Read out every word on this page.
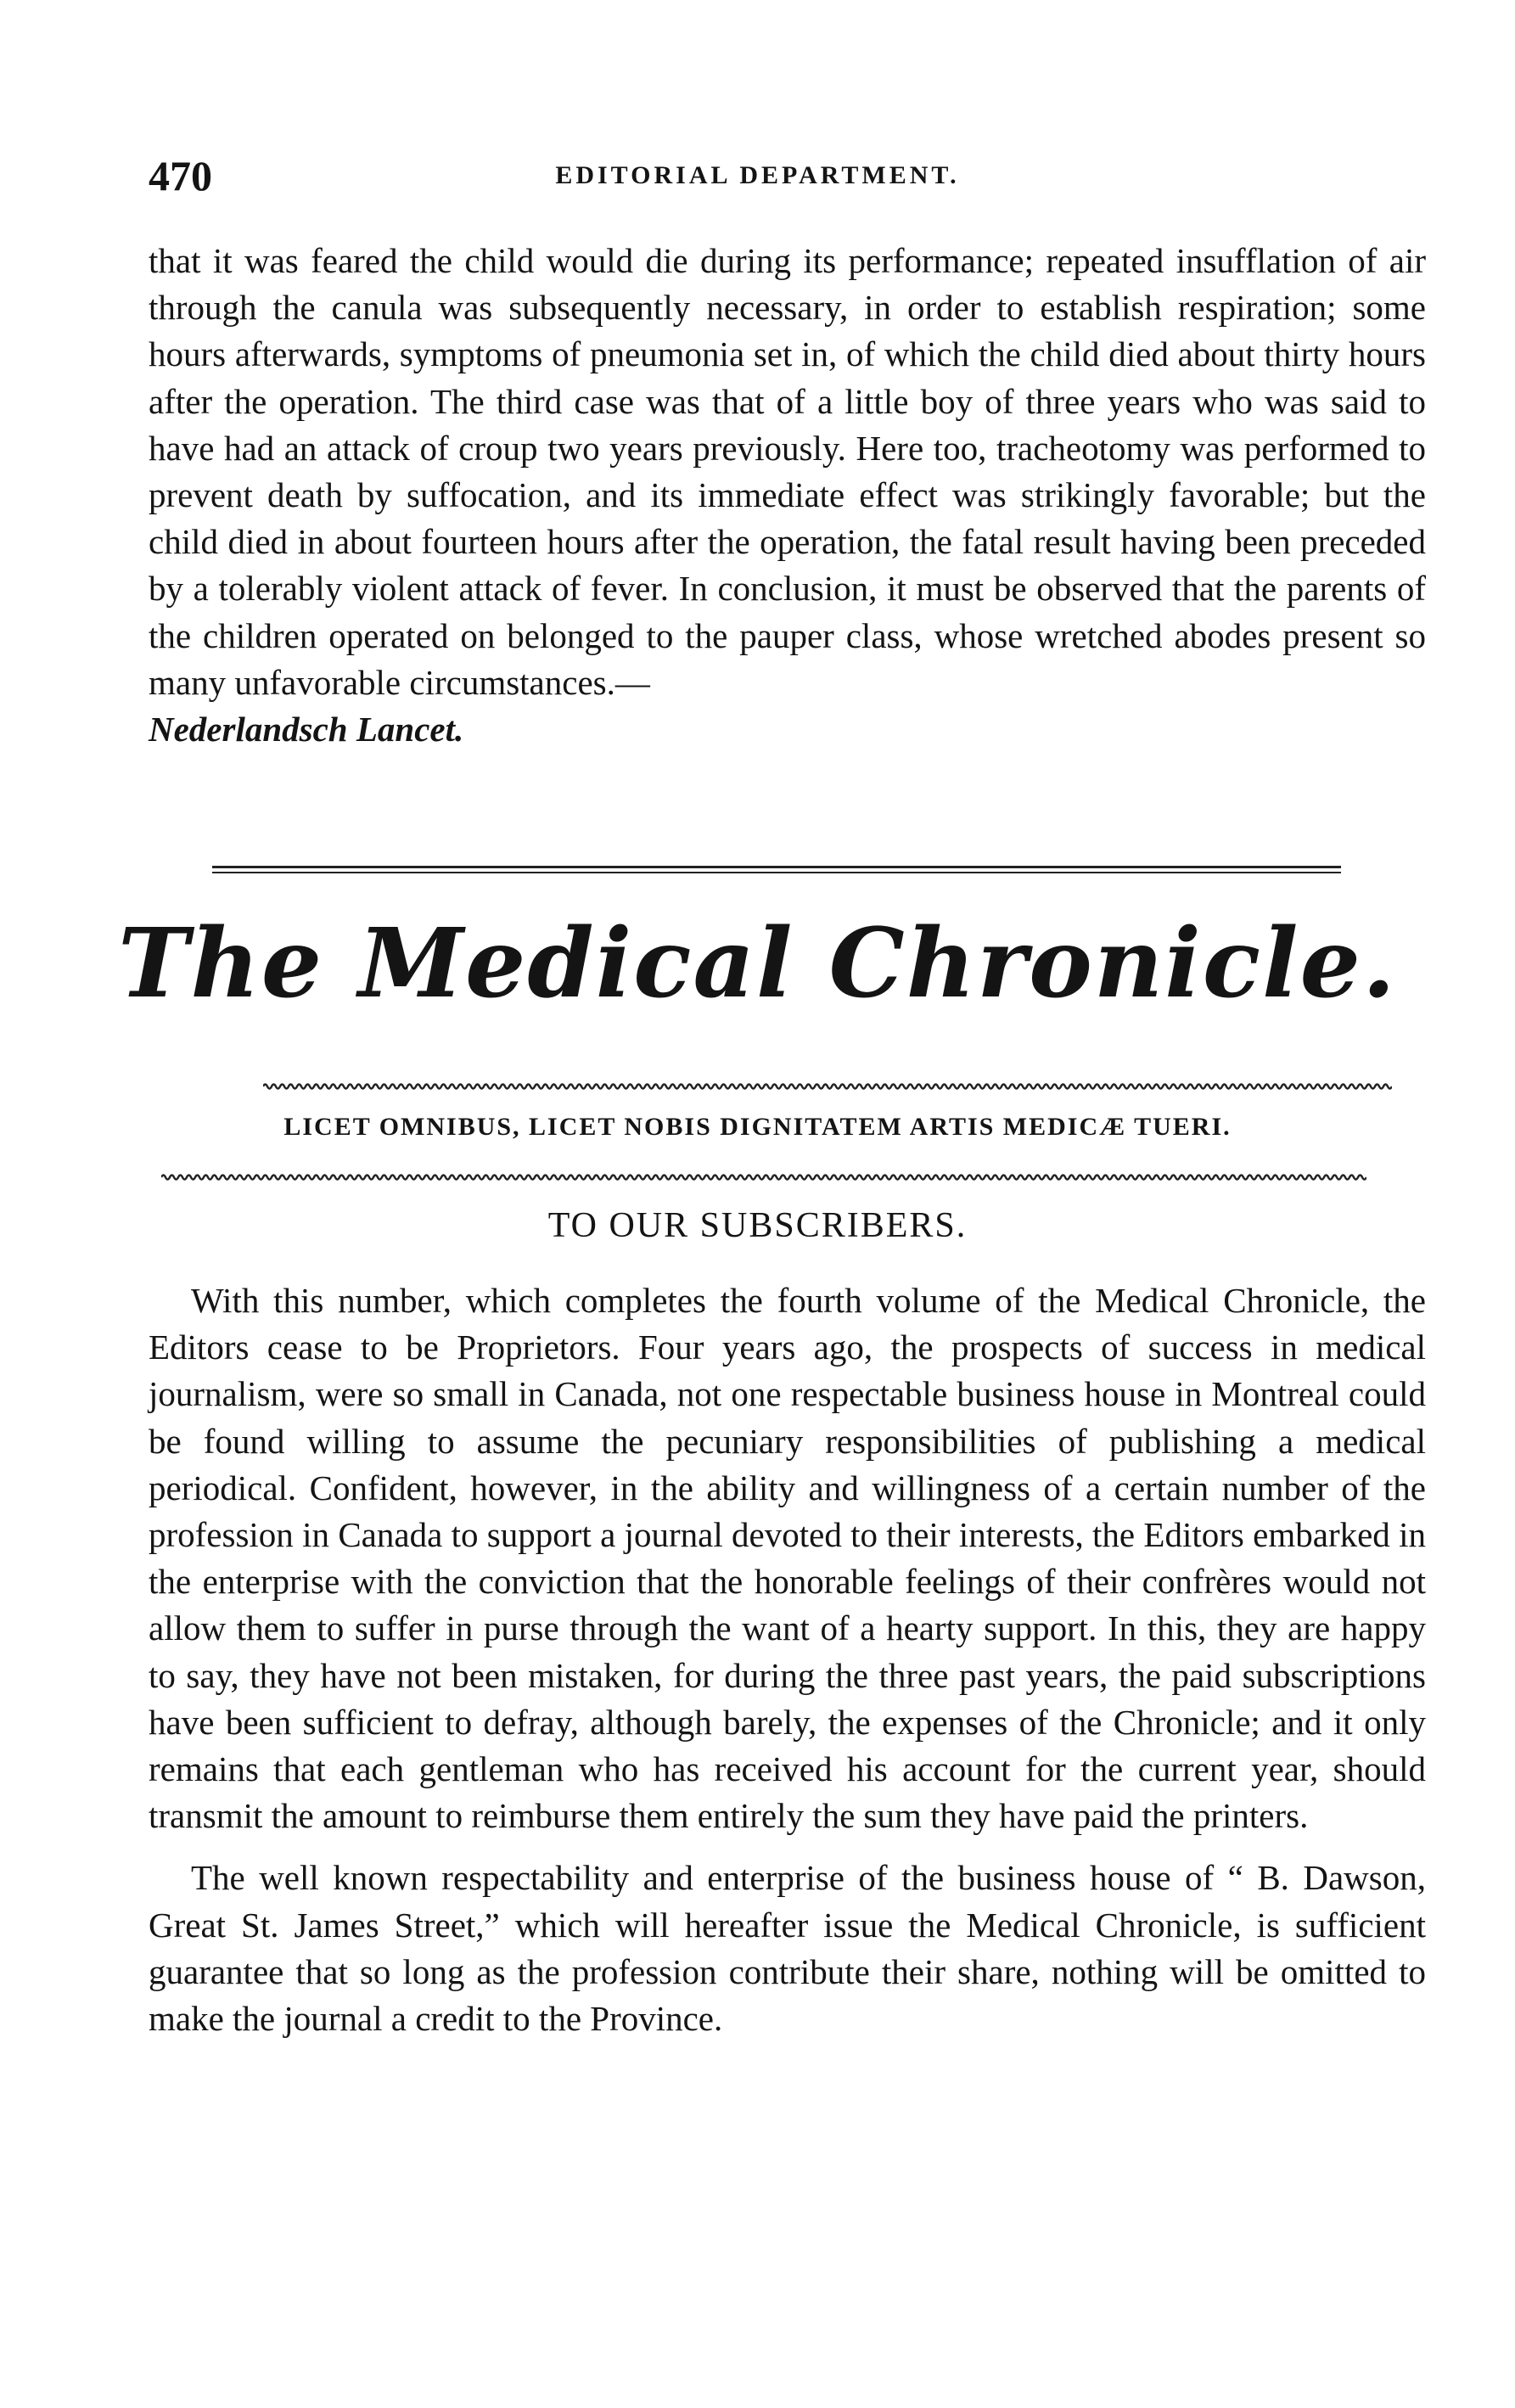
470	EDITORIAL DEPARTMENT.

that it was feared the child would die during its performance; repeated insufflation of air through the canula was subsequently necessary, in order to establish respiration; some hours afterwards, symptoms of pneumonia set in, of which the child died about thirty hours after the operation. The third case was that of a little boy of three years who was said to have had an attack of croup two years previously. Here too, tracheotomy was performed to prevent death by suffocation, and its immediate effect was strikingly favorable; but the child died in about fourteen hours after the operation, the fatal result having been preceded by a tolerably violent attack of fever. In conclusion, it must be observed that the parents of the children operated on belonged to the pauper class, whose wretched abodes present so many unfavorable circumstances.—
Nederlandsch Lancet.

The Medical Chronicle.
LICET OMNIBUS, LICET NOBIS DIGNITATEM ARTIS MEDICÆ TUERI.
TO OUR SUBSCRIBERS.

With this number, which completes the fourth volume of the Medical Chronicle, the Editors cease to be Proprietors. Four years ago, the prospects of success in medical journalism, were so small in Canada, not one respectable business house in Montreal could be found willing to assume the pecuniary responsibilities of publishing a medical periodical. Confident, however, in the ability and willingness of a certain number of the profession in Canada to support a journal devoted to their interests, the Editors embarked in the enterprise with the conviction that the honorable feelings of their confrères would not allow them to suffer in purse through the want of a hearty support. In this, they are happy to say, they have not been mistaken, for during the three past years, the paid subscriptions have been sufficient to defray, although barely, the expenses of the Chronicle; and it only remains that each gentleman who has received his account for the current year, should transmit the amount to reimburse them entirely the sum they have paid the printers.

The well known respectability and enterprise of the business house of “ B. Dawson, Great St. James Street,” which will hereafter issue the Medical Chronicle, is sufficient guarantee that so long as the profession contribute their share, nothing will be omitted to make the journal a credit to the Province.
